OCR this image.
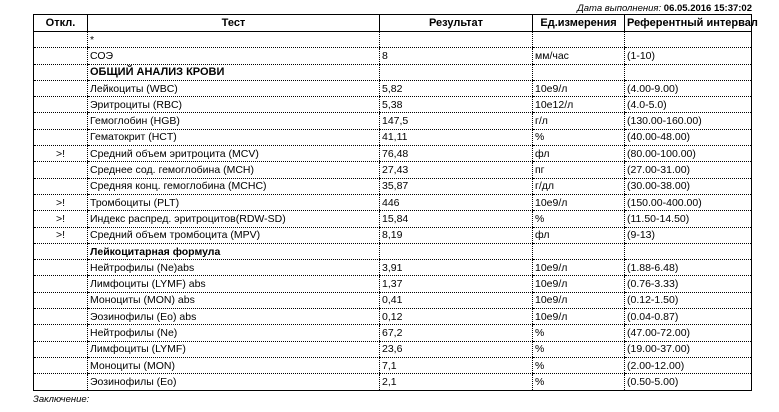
Дата выполнения: 06.05.2016 15:37:02
Откл.	Тест	Результат	Ед.измерения	Референтный интервал
	*			
	СОЭ	8	мм/час	(1-10)
	ОБЩИЙ АНАЛИЗ КРОВИ			
	Лейкоциты (WBC)	5,82	10e9/л	(4.00-9.00)
	Эритроциты (RBC)	5,38	10e12/л	(4.0-5.0)
	Гемоглобин (HGB)	147,5	г/л	(130.00-160.00)
	Гематокрит (HCT)	41,11	%	(40.00-48.00)
>!	Средний объем эритроцита (MCV)	76,48	фл	(80.00-100.00)
	Среднее сод. гемоглобина (MCH)	27,43	пг	(27.00-31.00)
	Средняя конц. гемоглобина (MCHC)	35,87	г/дл	(30.00-38.00)
>!	Тромбоциты (PLT)	446	10e9/л	(150.00-400.00)
>!	Индекс распред. эритроцитов(RDW-SD)	15,84	%	(11.50-14.50)
>!	Средний объем тромбоцита (MPV)	8,19	фл	(9-13)
	Лейкоцитарная формула			
	Нейтрофилы (Ne)abs	3,91	10e9/л	(1.88-6.48)
	Лимфоциты (LYMF) abs	1,37	10e9/л	(0.76-3.33)
	Моноциты (MON) abs	0,41	10e9/л	(0.12-1.50)
	Эозинофилы (Eo) abs	0,12	10e9/л	(0.04-0.87)
	Нейтрофилы (Ne)	67,2	%	(47.00-72.00)
	Лимфоциты (LYMF)	23,6	%	(19.00-37.00)
	Моноциты (MON)	7,1	%	(2.00-12.00)
	Эозинофилы (Eo)	2,1	%	(0.50-5.00)
Заключение:
